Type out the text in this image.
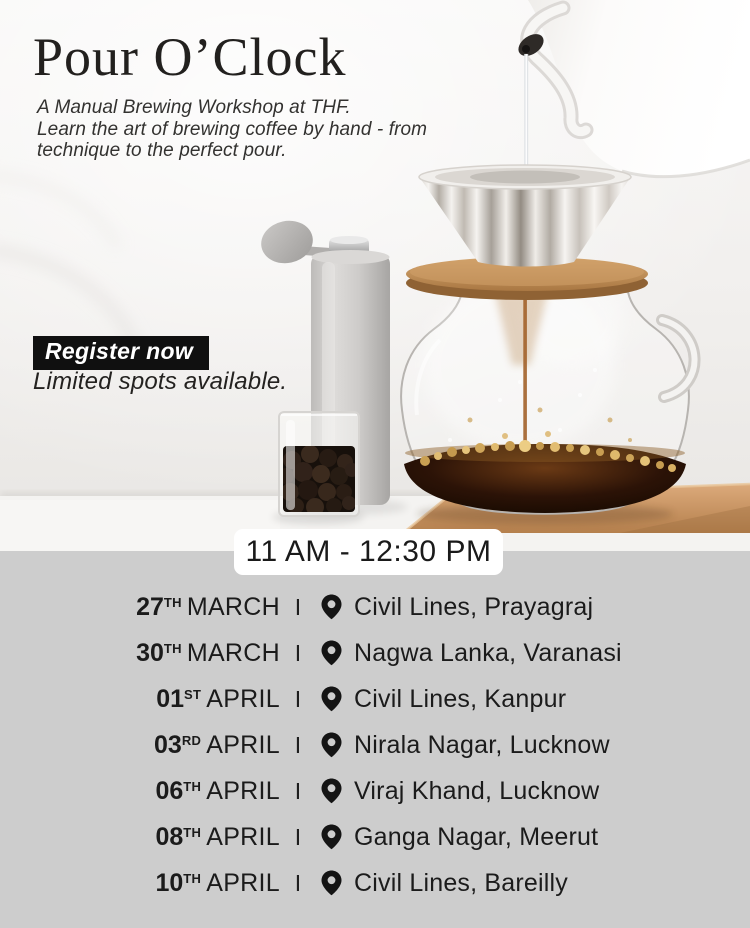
Pour O’Clock
A Manual Brewing Workshop at THF.
Learn the art of brewing coffee by hand - from
technique to the perfect pour.
Register now
Limited spots available.
11 AM - 12:30 PM
27TH MARCH I	Civil Lines, Prayagraj
30TH MARCH I	Nagwa Lanka, Varanasi
01ST APRIL I	Civil Lines, Kanpur
03RD APRIL I	Nirala Nagar, Lucknow
06TH APRIL I	Viraj Khand, Lucknow
08TH APRIL I	Ganga Nagar, Meerut
10TH APRIL I	Civil Lines, Bareilly
